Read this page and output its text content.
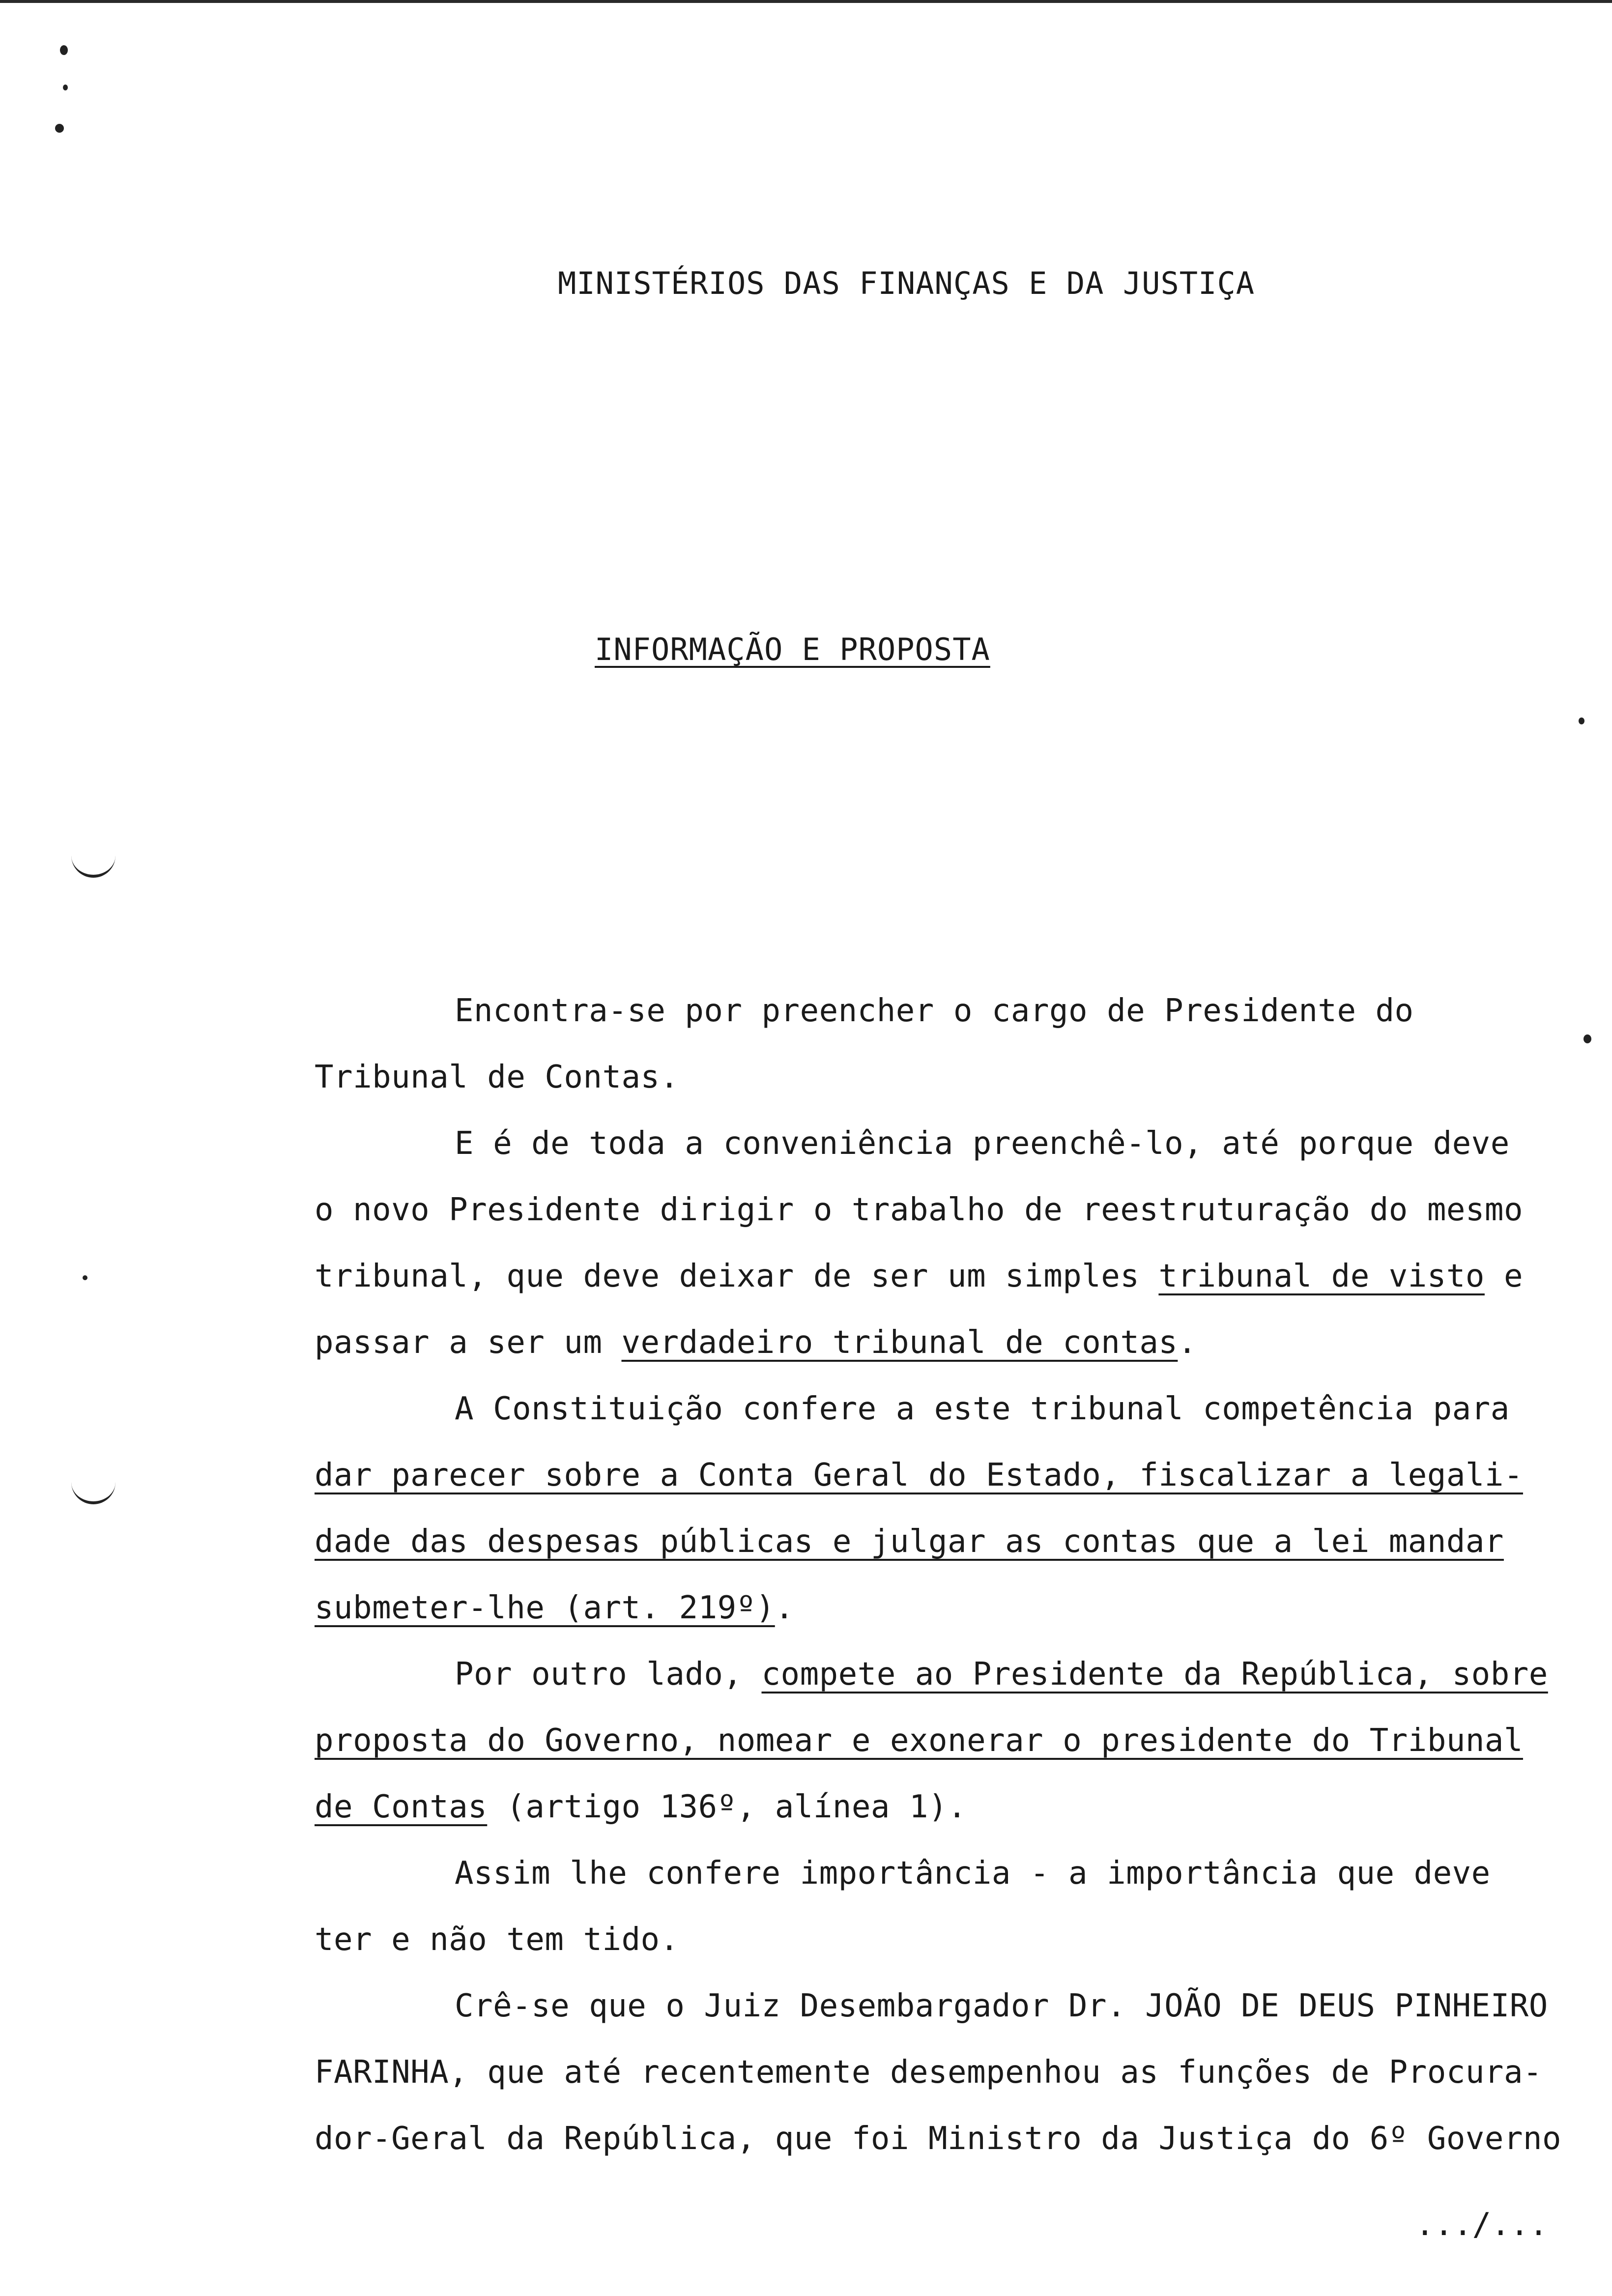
MINISTÉRIOS DAS FINANÇAS E DA JUSTIÇA
INFORMAÇÃO E PROPOSTA
Encontra-se por preencher o cargo de Presidente do
Tribunal de Contas.
E é de toda a conveniência preenchê-lo, até porque deve
o novo Presidente dirigir o trabalho de reestruturação do mesmo
tribunal, que deve deixar de ser um simples tribunal de visto e
passar a ser um verdadeiro tribunal de contas.
A Constituição confere a este tribunal competência para
dar parecer sobre a Conta Geral do Estado, fiscalizar a legali-
dade das despesas públicas e julgar as contas que a lei mandar
submeter-lhe (art. 219º).
Por outro lado, compete ao Presidente da República, sobre
proposta do Governo, nomear e exonerar o presidente do Tribunal
de Contas (artigo 136º, alínea 1).
Assim lhe confere importância - a importância que deve
ter e não tem tido.
Crê-se que o Juiz Desembargador Dr. JOÃO DE DEUS PINHEIRO
FARINHA, que até recentemente desempenhou as funções de Procura-
dor-Geral da República, que foi Ministro da Justiça do 6º Governo
.../...
